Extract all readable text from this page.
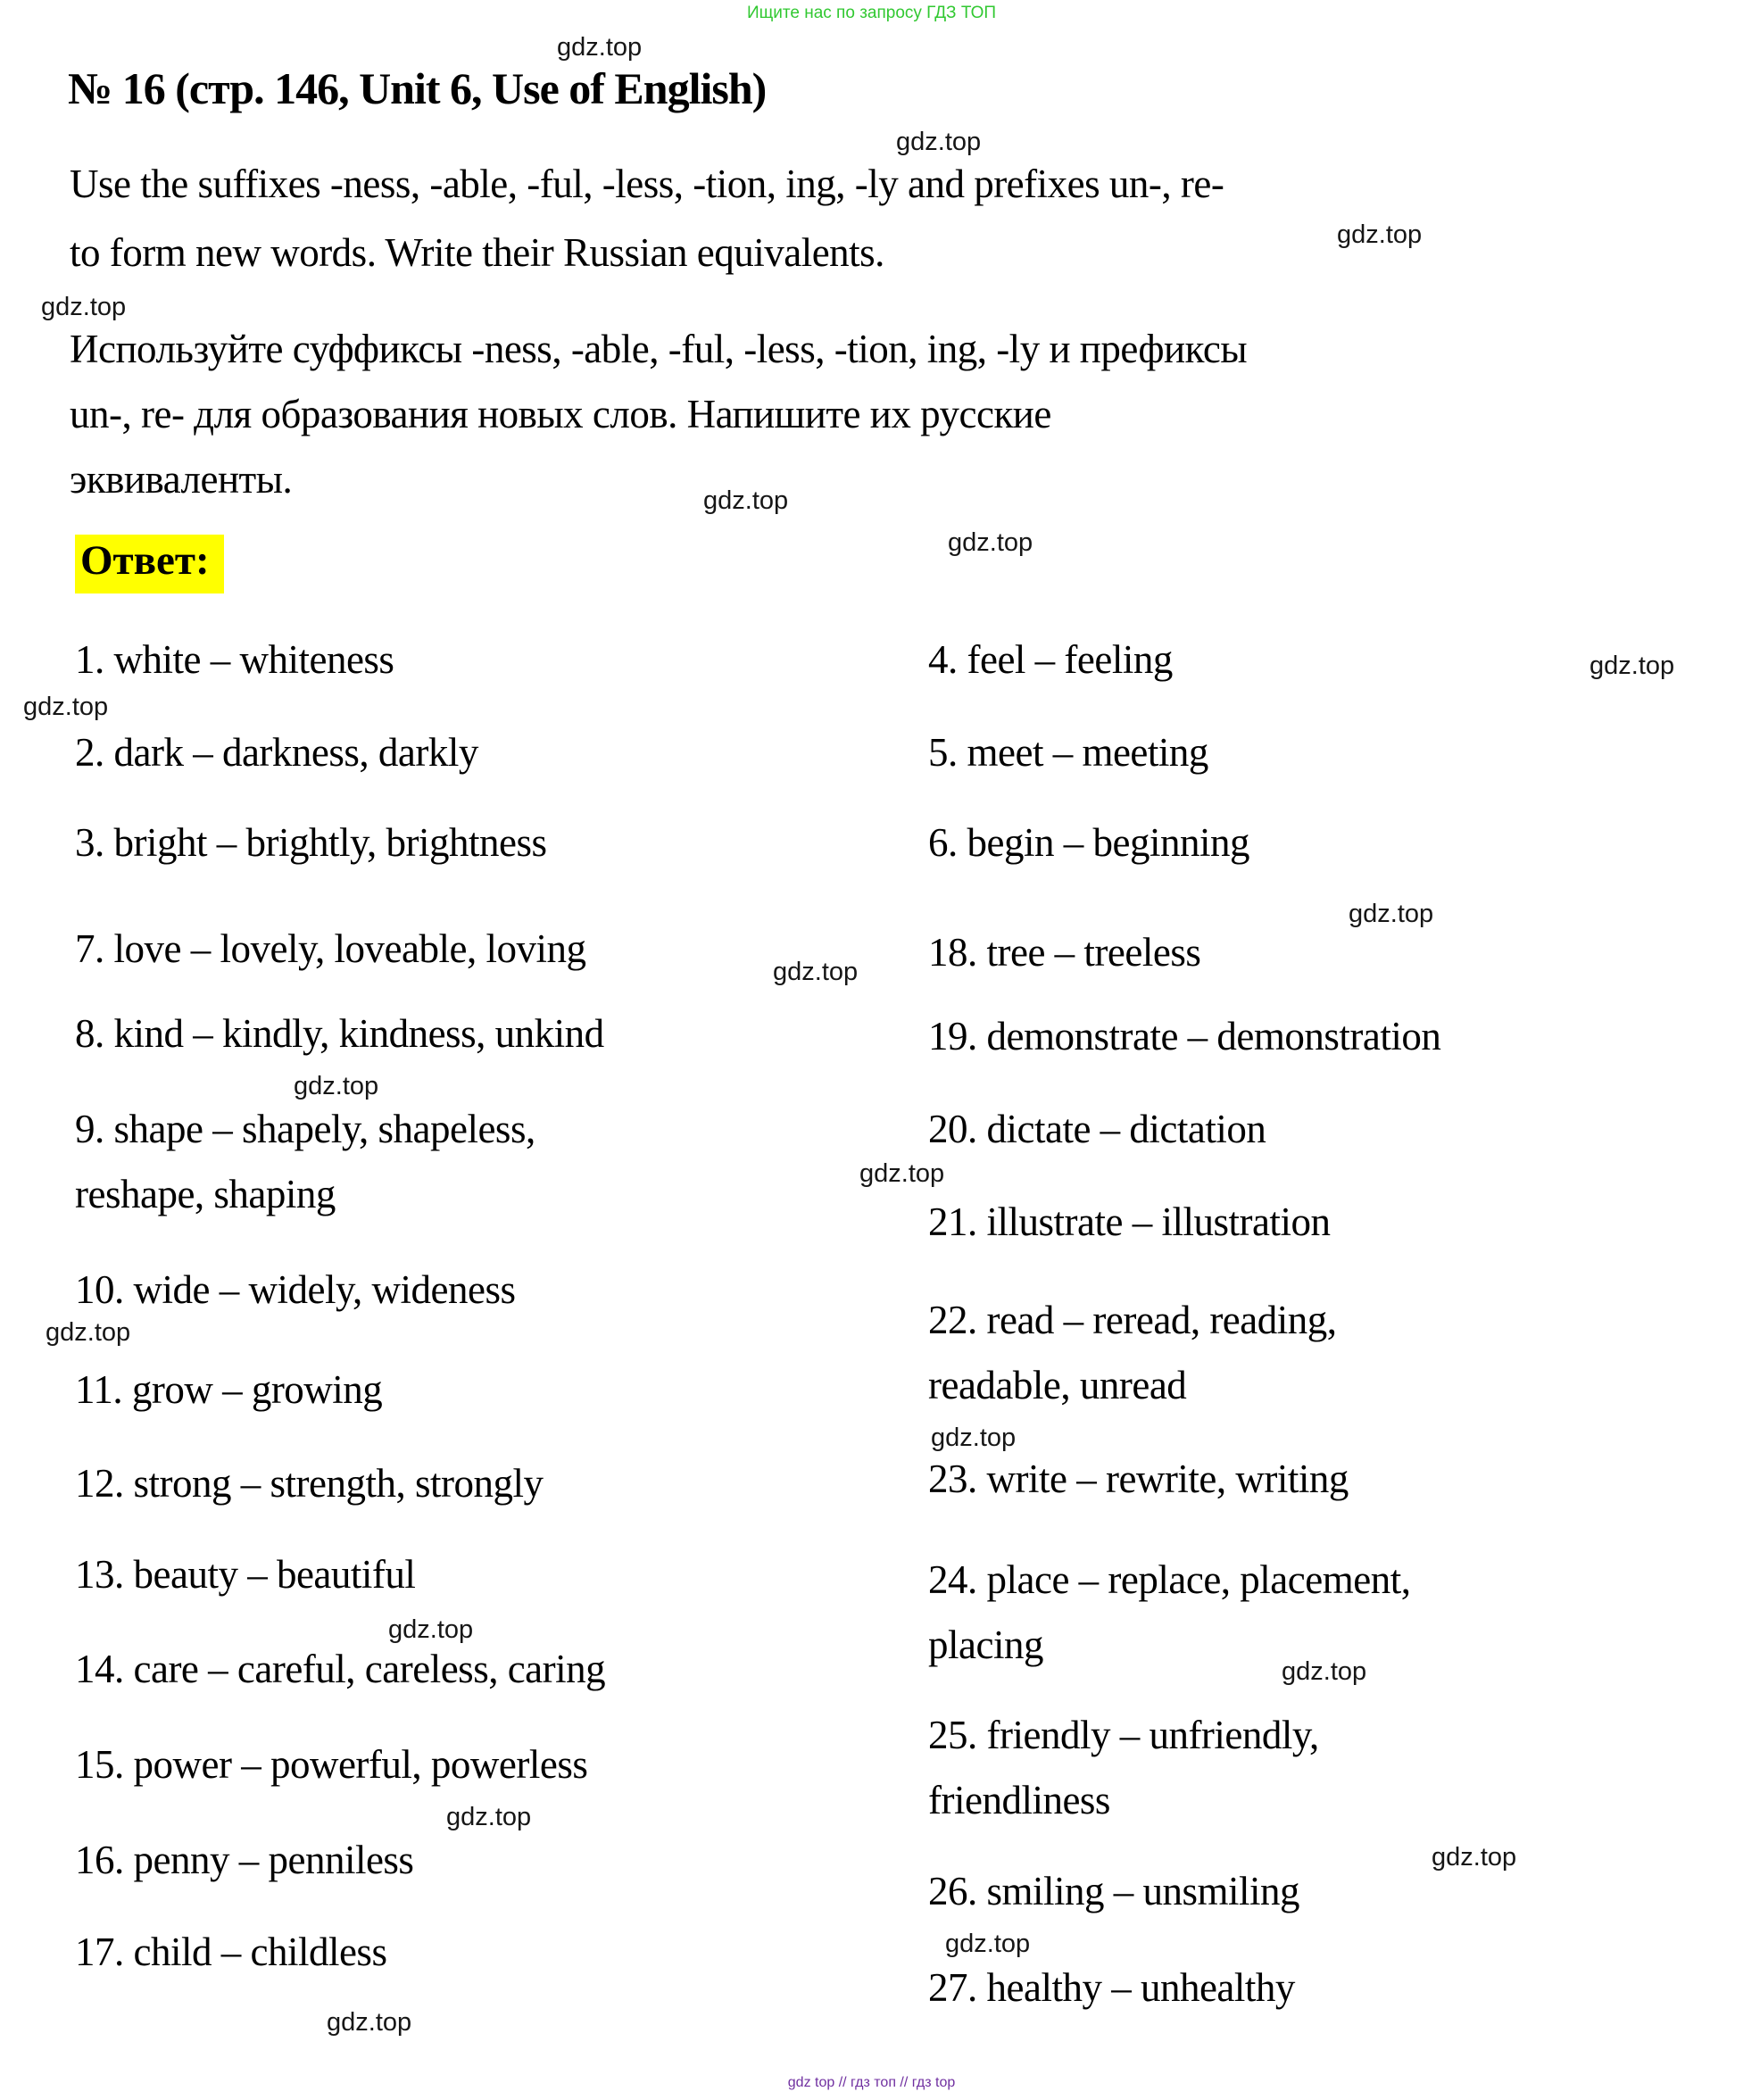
Ищите нас по запросу ГДЗ ТОП
№ 16 (стр. 146, Unit 6, Use of English)
Use the suffixes -ness, -able, -ful, -less, -tion, ing, -ly and prefixes un-, re-
to form new words. Write their Russian equivalents.
Используйте суффиксы -ness, -able, -ful, -less, -tion, ing, -ly и префиксы
un-, re- для образования новых слов. Напишите их русские
эквиваленты.
Ответ:
1. white – whiteness
2. dark – darkness, darkly
3. bright – brightly, brightness
7. love – lovely, loveable, loving
8. kind – kindly, kindness, unkind
9. shape – shapely, shapeless,
reshape, shaping
10. wide – widely, wideness
11. grow – growing
12. strong – strength, strongly
13. beauty – beautiful
14. care – careful, careless, caring
15. power – powerful, powerless
16. penny – penniless
17. child – childless
4. feel – feeling
5. meet – meeting
6. begin – beginning
18. tree – treeless
19. demonstrate – demonstration
20. dictate – dictation
21. illustrate – illustration
22. read – reread, reading,
readable, unread
23. write – rewrite, writing
24. place – replace, placement,
placing
25. friendly – unfriendly,
friendliness
26. smiling – unsmiling
27. healthy – unhealthy
gdz.top
gdz.top
gdz.top
gdz.top
gdz.top
gdz.top
gdz.top
gdz.top
gdz.top
gdz.top
gdz.top
gdz.top
gdz.top
gdz.top
gdz.top
gdz.top
gdz.top
gdz.top
gdz.top
gdz.top
gdz top // гдз топ // гдз top
